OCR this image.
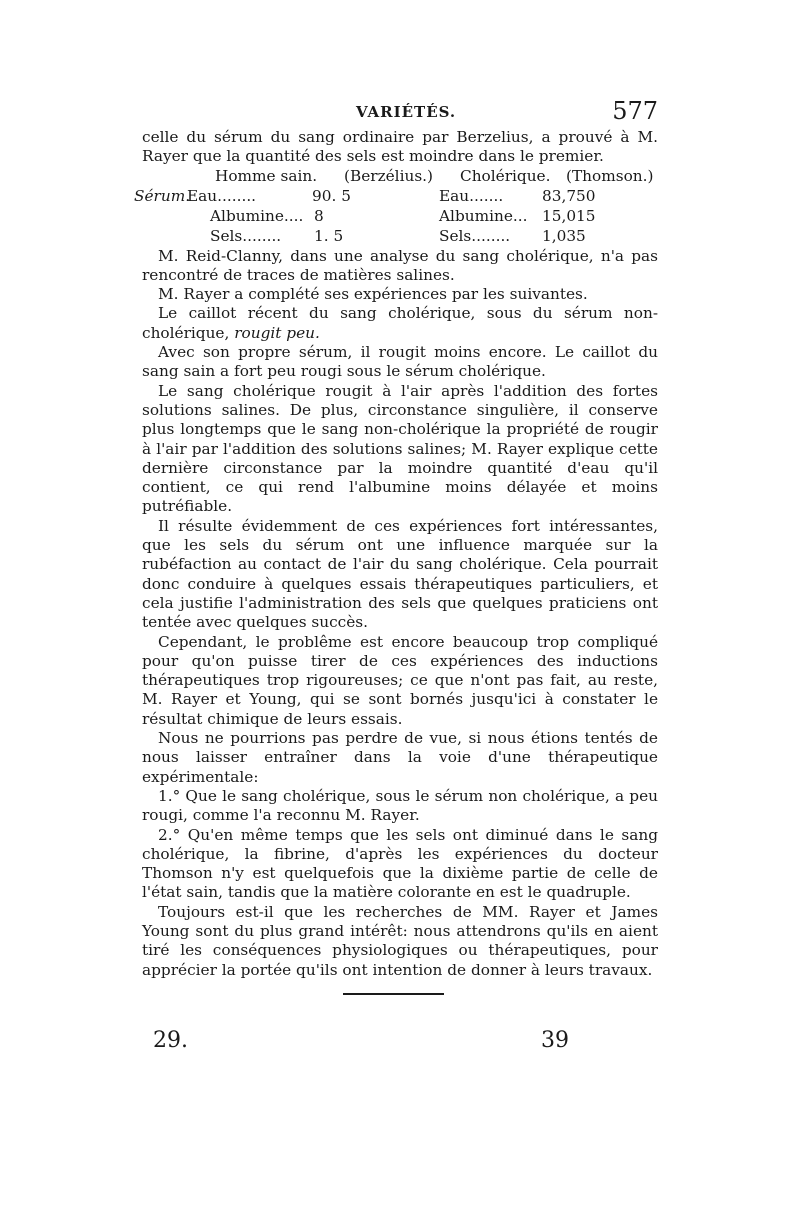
VARIÉTÉS.	577

celle du sérum du sang ordinaire par Berzelius, a prouvé à M. Rayer que la quantité des sels est moindre dans le premier.

Homme sain. (Berzélius.) Cholérique. (Thomson.)
Sérum.
Eau........	90. 5	Eau.......	83,750
Albumine.... 8	Albumine... 15,015
Sels........ 1. 5	Sels........ 1,035

M. Reid-Clanny, dans une analyse du sang cholérique, n'a pas rencontré de traces de matières salines.

M. Rayer a complété ses expériences par les suivantes.

Le caillot récent du sang cholérique, sous du sérum non-cholérique, rougit peu.

Avec son propre sérum, il rougit moins encore. Le caillot du sang sain a fort peu rougi sous le sérum cholérique.

Le sang cholérique rougit à l'air après l'addition des fortes solutions salines. De plus, circonstance singulière, il conserve plus longtemps que le sang non-cholérique la propriété de rougir à l'air par l'addition des solutions salines; M. Rayer explique cette dernière circonstance par la moindre quantité d'eau qu'il contient, ce qui rend l'albumine moins délayée et moins putréfiable.

Il résulte évidemment de ces expériences fort intéressantes, que les sels du sérum ont une influence marquée sur la rubéfaction au contact de l'air du sang cholérique. Cela pourrait donc conduire à quelques essais thérapeutiques particuliers, et cela justifie l'administration des sels que quelques praticiens ont tentée avec quelques succès.

Cependant, le problême est encore beaucoup trop compliqué pour qu'on puisse tirer de ces expériences des inductions thérapeutiques trop rigoureuses; ce que n'ont pas fait, au reste, M. Rayer et Young, qui se sont bornés jusqu'ici à constater le résultat chimique de leurs essais.

Nous ne pourrions pas perdre de vue, si nous étions tentés de nous laisser entraîner dans la voie d'une thérapeutique expérimentale:

1.° Que le sang cholérique, sous le sérum non cholérique, a peu rougi, comme l'a reconnu M. Rayer.

2.° Qu'en même temps que les sels ont diminué dans le sang cholérique, la fibrine, d'après les expériences du docteur Thomson n'y est quelquefois que la dixième partie de celle de l'état sain, tandis que la matière colorante en est le quadruple.

Toujours est-il que les recherches de MM. Rayer et James Young sont du plus grand intérêt: nous attendrons qu'ils en aient tiré les conséquences physiologiques ou thérapeutiques, pour apprécier la portée qu'ils ont intention de donner à leurs travaux.

29.	39
